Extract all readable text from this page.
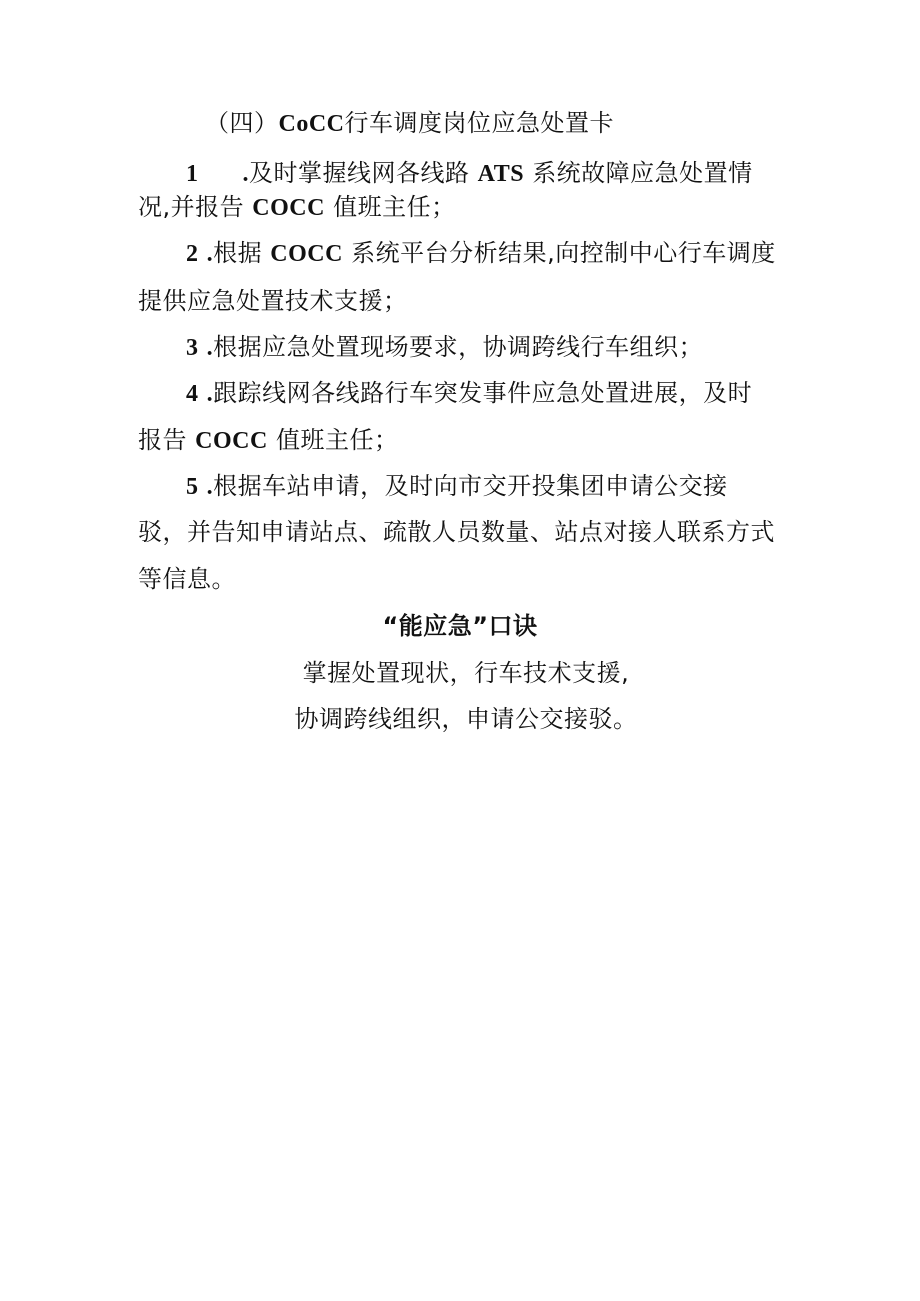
（四）CoCC行车调度岗位应急处置卡
1 .及时掌握线网各线路 ATS 系统故障应急处置情
况,并报告 COCC 值班主任；
2 .根据 COCC 系统平台分析结果,向控制中心行车调度
提供应急处置技术支援；
3 .根据应急处置现场要求，协调跨线行车组织；
4 .跟踪线网各线路行车突发事件应急处置进展，及时
报告 COCC 值班主任；
5 .根据车站申请，及时向市交开投集团申请公交接
驳，并告知申请站点、疏散人员数量、站点对接人联系方式
等信息。
“能应急”口诀
掌握处置现状，行车技术支援,
协调跨线组织，申请公交接驳。
